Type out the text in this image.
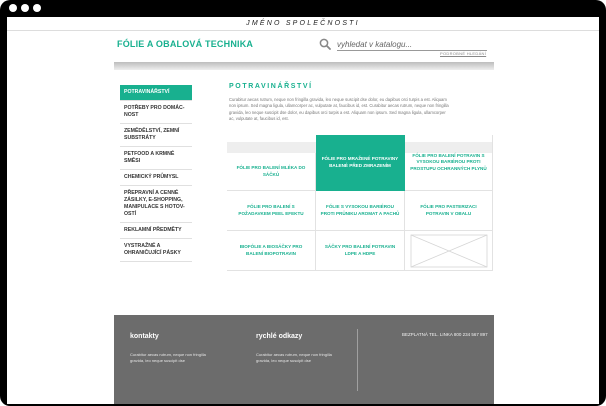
JMÉNO SPOLEČNOSTI
FÓLIE A OBALOVÁ TECHNIKA
vyhledat v katalogu...
PODROBNÉ HLEDÁNÍ
POTRAVINÁŘSTVÍ
POTŘEBY PRO DOMÁC-NOST
ZEMĚDĚLSTVÍ, ZEMNÍ SUBSTRÁTY
PETFOOD A KRMNÉ SMĚSI
CHEMICKÝ PRŮMYSL
PŘEPRAVNÍ A CENNÉ ZÁSILKY, E-SHOPPING, MANIPULACE S HOTOV-OSTÍ
REKLAMNÍ PŘEDMĚTY
VYSTRAŽNÉ A OHRANIČUJÍCÍ PÁSKY
POTRAVINÁŘSTVÍ

Curabitur aecas rutrum, neque non fringilla gravida, leo neque suscipit dse dolor, eu dapibus orci turpis a est. Aliquam non ipsum. Sed magna ligula, ullamcorper ac, vulputate at, faucibus id, est. Curabitur aecas rutrum, neque non fringilla gravida, leo neque suscipit dse dolor, eu dapibus orci turpis a est. Aliquam non ipsum. Sed magna ligula, ullamcorper ac, vulputate at, faucibus id, est.

FÓLIE PRO BALENÍ MLÉKA DO SÁČKŮ
FÓLIE PRO MRAŽENÉ POTRAVINY BALENÉ PŘED ZMRAZENÍM
FÓLIE PRO BALENÍ POTRAVIN S VYSOKOU BARIÉROU PROTI PROSTUPU OCHRANNÝCH PLYNŮ
FÓLIE PRO BALENÍ S POŽADAVKEM PEEL EFEKTU
FÓLIE S VYSOKOU BARIÉROU PROTI PRŮNIKU AROMAT A PACHŮ
FÓLIE PRO PASTERIZACI POTRAVIN V OBALU
BIOFÓLIE A BIOSÁČKY PRO BALENÍ BIOPOTRAVIN
SÁČKY PRO BALENÍ POTRAVIN LDPE A HDPE
kontakty
Curabitur aecas rutrum, neque non fringilla gravida, leo neque suscipit dse
rychlé odkazy
Curabitur aecas rutrum, neque non fringilla gravida, leo neque suscipit dse
BEZPLATNÁ TEL. LINKA 800 234 567 897
